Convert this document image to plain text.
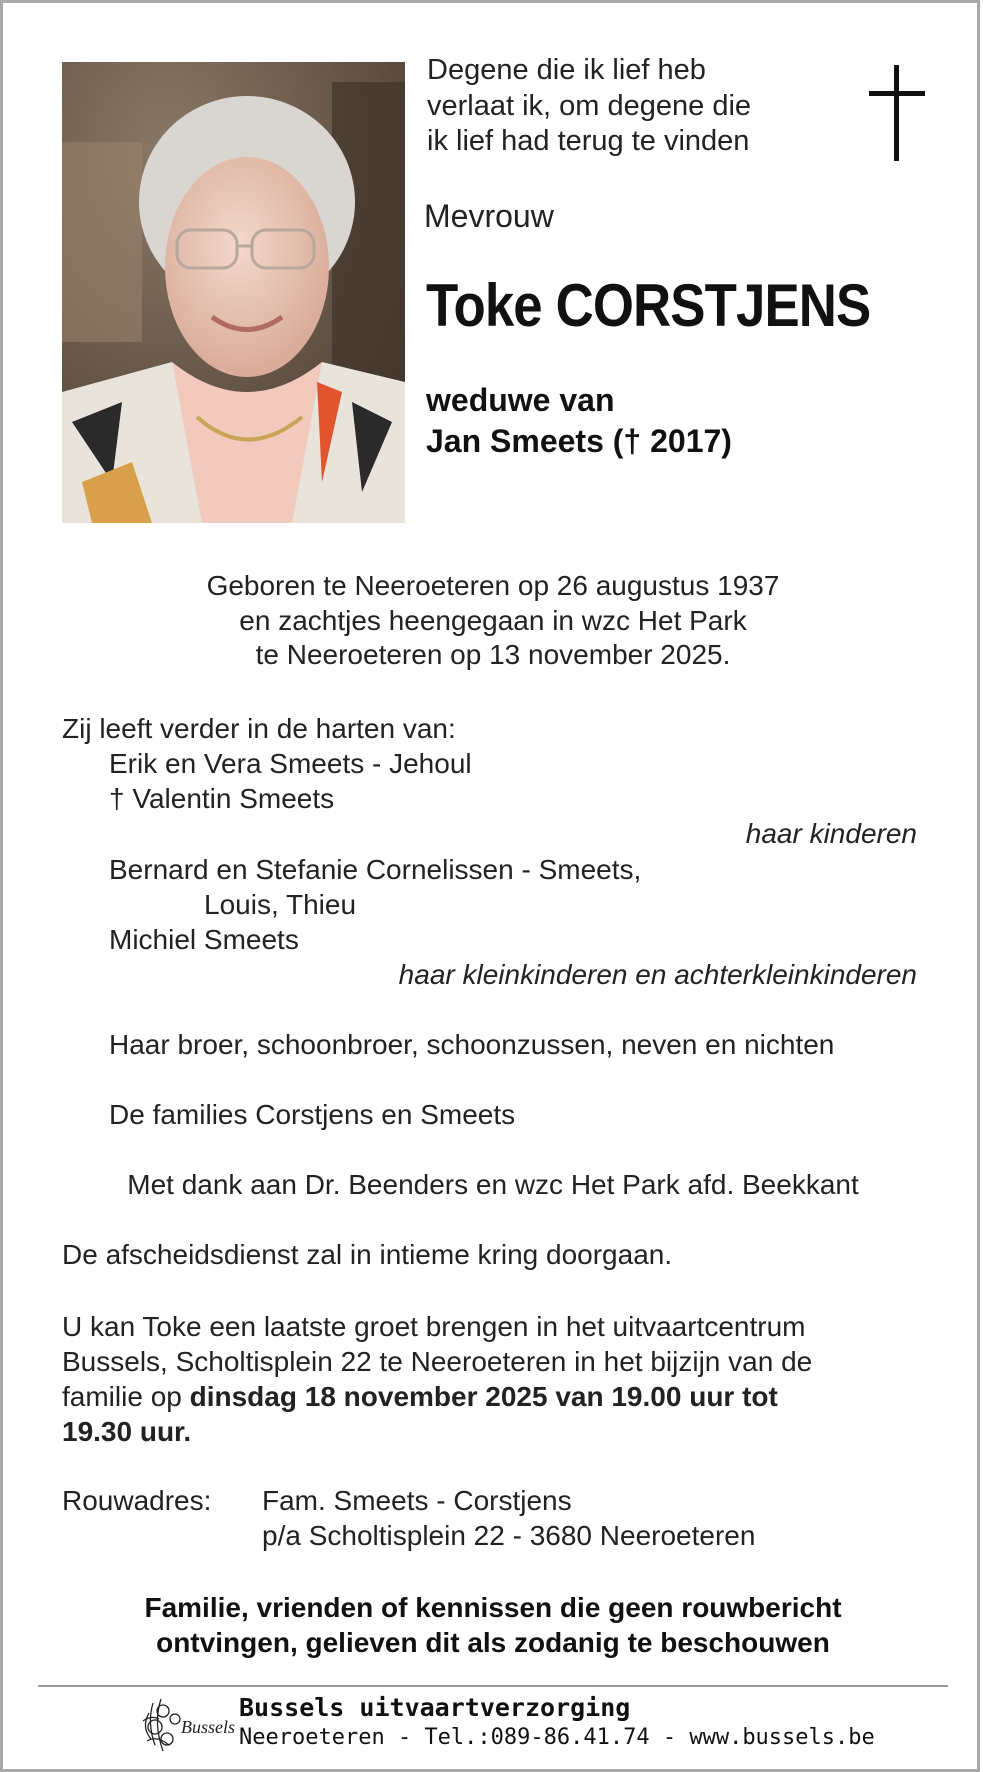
Degene die ik lief heb
verlaat ik, om degene die
ik lief had terug te vinden
Mevrouw
Toke CORSTJENS
weduwe van
Jan Smeets († 2017)
Geboren te Neeroeteren op 26 augustus 1937
en zachtjes heengegaan in wzc Het Park
te Neeroeteren op 13 november 2025.
Zij leeft verder in de harten van:
Erik en Vera Smeets - Jehoul
† Valentin Smeets
haar kinderen
Bernard en Stefanie Cornelissen - Smeets,
Louis, Thieu
Michiel Smeets
haar kleinkinderen en achterkleinkinderen
Haar broer, schoonbroer, schoonzussen, neven en nichten
De families Corstjens en Smeets
Met dank aan Dr. Beenders en wzc Het Park afd. Beekkant
De afscheidsdienst zal in intieme kring doorgaan.
U kan Toke een laatste groet brengen in het uitvaartcentrum
Bussels, Scholtisplein 22 te Neeroeteren in het bijzijn van de
familie op dinsdag 18 november 2025 van 19.00 uur tot
19.30 uur.
Rouwadres: Fam. Smeets - Corstjens
p/a Scholtisplein 22 - 3680 Neeroeteren
Familie, vrienden of kennissen die geen rouwbericht
ontvingen, gelieven dit als zodanig te beschouwen
Bussels
Bussels uitvaartverzorging
Neeroeteren - Tel.:089-86.41.74 - www.bussels.be
